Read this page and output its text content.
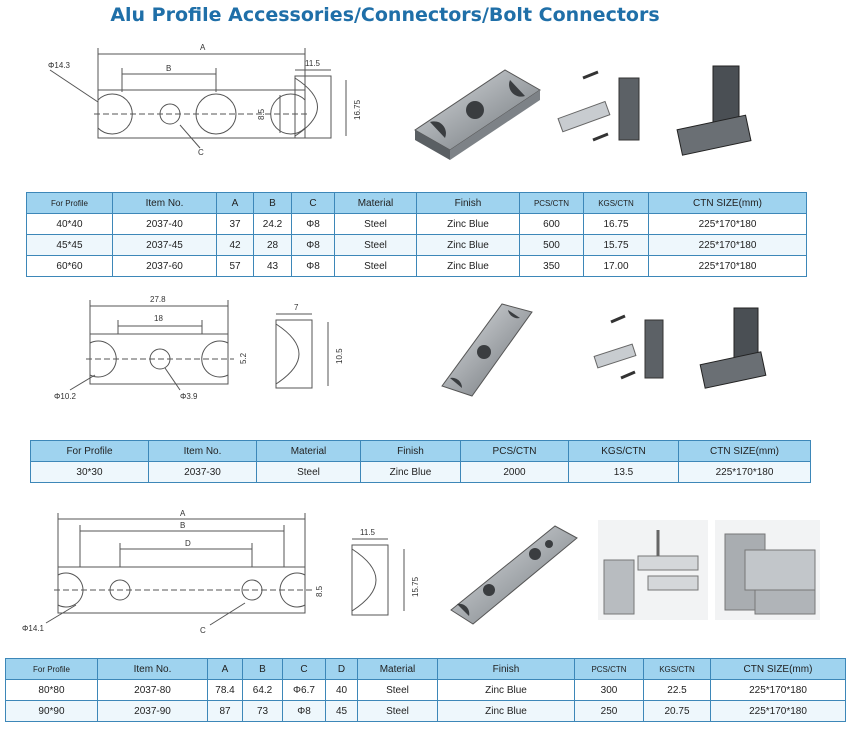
Alu Profile Accessories/Connectors/Bolt Connectors
A
B
C
Φ14.3	11.5
8.5	16.75
For Profile	Item No.	A	B	C	Material	Finish	PCS/CTN	KGS/CTN	CTN SIZE(mm)
40*40	2037-40	37	24.2	Φ8	Steel	Zinc Blue	600	16.75	225*170*180
45*45	2037-45	42	28	Φ8	Steel	Zinc Blue	500	15.75	225*170*180
60*60	2037-60	57	43	Φ8	Steel	Zinc Blue	350	17.00	225*170*180
27.8
18
Φ10.2	Φ3.9
7
5.2	10.5
For Profile	Item No.	Material	Finish	PCS/CTN	KGS/CTN	CTN SIZE(mm)
30*30	2037-30	Steel	Zinc Blue	2000	13.5	225*170*180
A
B
D
C
Φ14.1
11.5
8.5	15.75
For Profile	Item No.	A	B	C	D	Material	Finish	PCS/CTN	KGS/CTN	CTN SIZE(mm)
80*80	2037-80	78.4	64.2	Φ6.7	40	Steel	Zinc Blue	300	22.5	225*170*180
90*90	2037-90	87	73	Φ8	45	Steel	Zinc Blue	250	20.75	225*170*180
